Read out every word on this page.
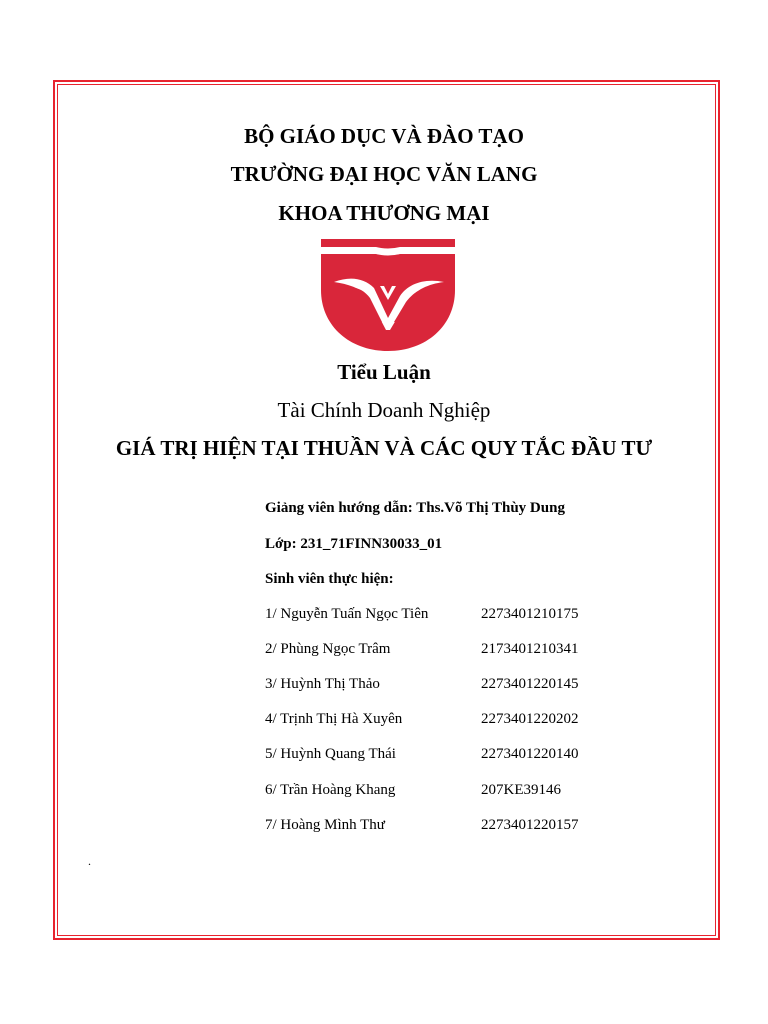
BỘ GIÁO DỤC VÀ ĐÀO TẠO
TRƯỜNG ĐẠI HỌC VĂN LANG
KHOA THƯƠNG MẠI
Tiểu Luận
Tài Chính Doanh Nghiệp
GIÁ TRỊ HIỆN TẠI THUẦN VÀ CÁC QUY TẮC ĐẦU TƯ
Giảng viên hướng dẫn: Ths.Võ Thị Thùy Dung
Lớp: 231_71FINN30033_01
Sinh viên thực hiện:
1/ Nguyễn Tuấn Ngọc Tiên	2273401210175
2/ Phùng Ngọc Trâm	2173401210341
3/ Huỳnh Thị Thảo	2273401220145
4/ Trịnh Thị Hà Xuyên	2273401220202
5/ Huỳnh Quang Thái	2273401220140
6/ Trần Hoàng Khang	207KE39146
7/ Hoàng Mình Thư	2273401220157
.
